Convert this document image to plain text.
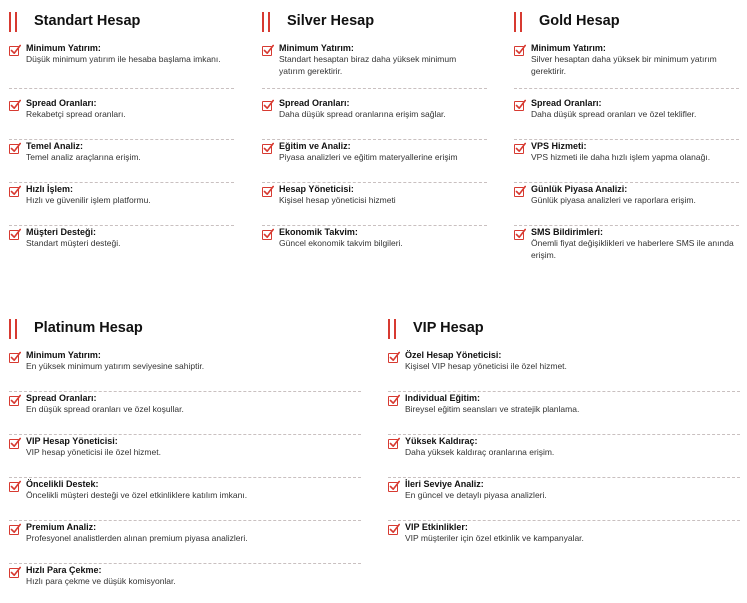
Standart Hesap
Minimum Yatırım:
Düşük minimum yatırım ile hesaba başlama imkanı.
Spread Oranları:
Rekabetçi spread oranları.
Temel Analiz:
Temel analiz araçlarına erişim.
Hızlı İşlem:
Hızlı ve güvenilir işlem platformu.
Müşteri Desteği:
Standart müşteri desteği.
Silver Hesap
Minimum Yatırım:
Standart hesaptan biraz daha yüksek minimum yatırım gerektirir.
Spread Oranları:
Daha düşük spread oranlarına erişim sağlar.
Eğitim ve Analiz:
Piyasa analizleri ve eğitim materyallerine erişim
Hesap Yöneticisi:
Kişisel hesap yöneticisi hizmeti
Ekonomik Takvim:
Güncel ekonomik takvim bilgileri.
Gold Hesap
Minimum Yatırım:
Silver hesaptan daha yüksek bir minimum yatırım gerektirir.
Spread Oranları:
Daha düşük spread oranları ve özel teklifler.
VPS Hizmeti:
VPS hizmeti ile daha hızlı işlem yapma olanağı.
Günlük Piyasa Analizi:
Günlük piyasa analizleri ve raporlara erişim.
SMS Bildirimleri:
Önemli fiyat değişiklikleri ve haberlere SMS ile anında erişim.
Platinum Hesap
Minimum Yatırım:
En yüksek minimum yatırım seviyesine sahiptir.
Spread Oranları:
En düşük spread oranları ve özel koşullar.
VIP Hesap Yöneticisi:
VIP hesap yöneticisi ile özel hizmet.
Öncelikli Destek:
Öncelikli müşteri desteği ve özel etkinliklere katılım imkanı.
Premium Analiz:
Profesyonel analistlerden alınan premium piyasa analizleri.
Hızlı Para Çekme:
Hızlı para çekme ve düşük komisyonlar.
VIP Hesap
Özel Hesap Yöneticisi:
Kişisel VIP hesap yöneticisi ile özel hizmet.
Individual Eğitim:
Bireysel eğitim seansları ve stratejik planlama.
Yüksek Kaldıraç:
Daha yüksek kaldıraç oranlarına erişim.
İleri Seviye Analiz:
En güncel ve detaylı piyasa analizleri.
VIP Etkinlikler:
VIP müşteriler için özel etkinlik ve kampanyalar.
